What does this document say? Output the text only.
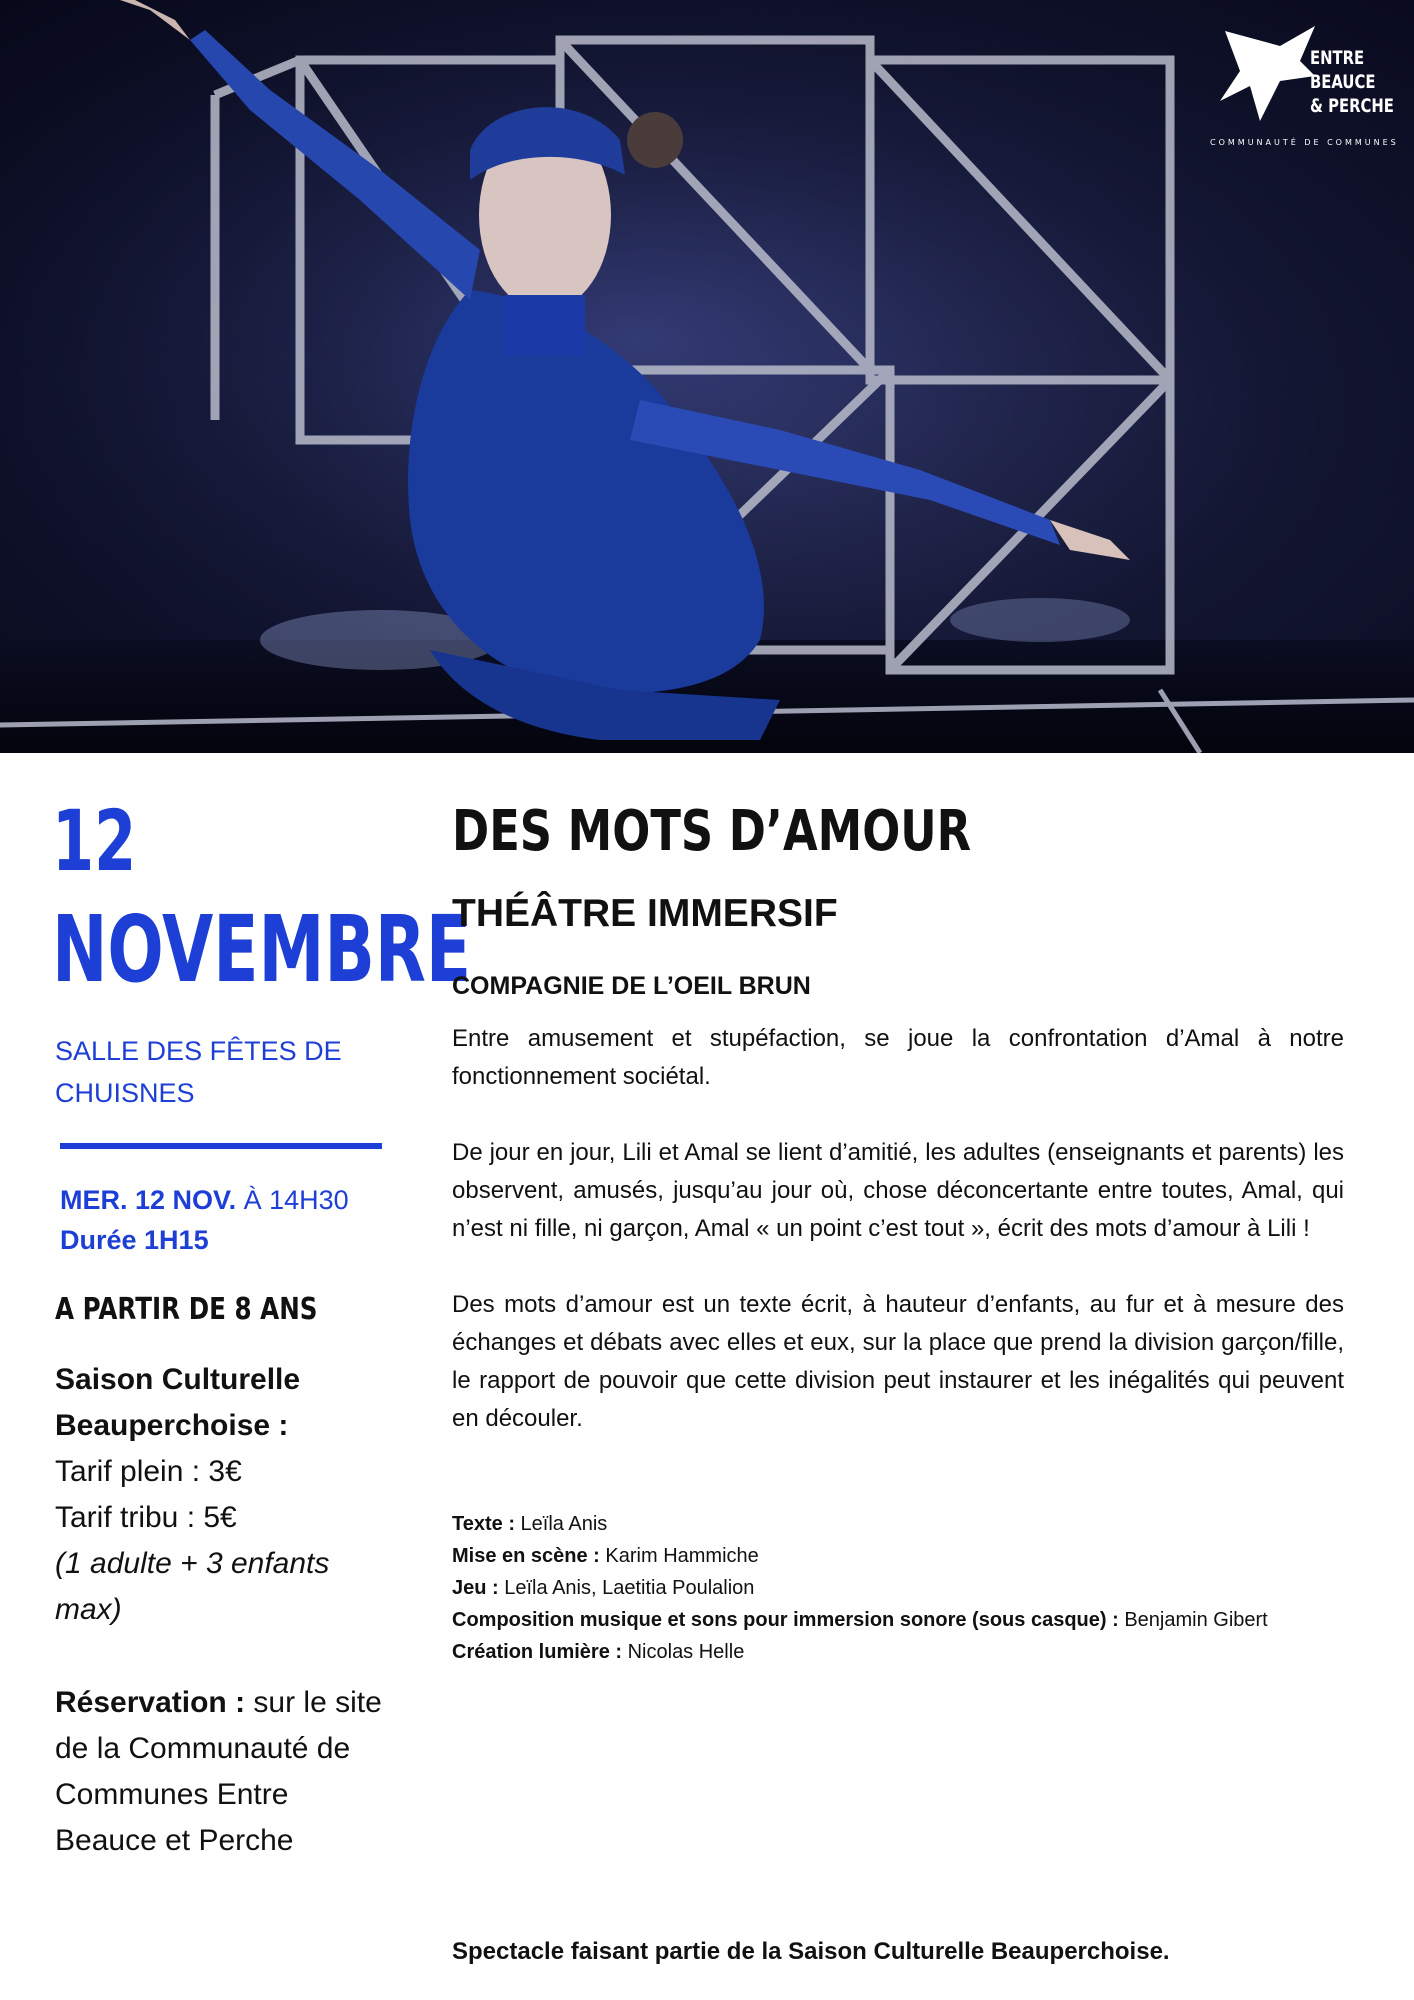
ENTRE
BEAUCE
& PERCHE
COMMUNAUTÉ DE COMMUNES
12
NOVEMBRE
SALLE DES FÊTES DE CHUISNES
MER. 12 NOV. À 14H30
Durée 1H15
A PARTIR DE 8 ANS
Saison Culturelle Beauperchoise :
Tarif plein : 3€
Tarif tribu : 5€
(1 adulte + 3 enfants max)
Réservation : sur le site de la Communauté de Communes Entre Beauce et Perche
DES MOTS D’AMOUR
THÉÂTRE IMMERSIF
COMPAGNIE DE L’OEIL BRUN

Entre amusement et stupéfaction, se joue la confrontation d’Amal à notre fonctionnement sociétal.

De jour en jour, Lili et Amal se lient d’amitié, les adultes (enseignants et parents) les observent, amusés, jusqu’au jour où, chose déconcertante entre toutes, Amal, qui n’est ni fille, ni garçon, Amal « un point c’est tout », écrit des mots d’amour à Lili !

Des mots d’amour est un texte écrit, à hauteur d’enfants, au fur et à mesure des échanges et débats avec elles et eux, sur la place que prend la division garçon/fille, le rapport de pouvoir que cette division peut instaurer et les inégalités qui peuvent en découler.

Texte : Leïla Anis
Mise en scène : Karim Hammiche
Jeu : Leïla Anis, Laetitia Poulalion
Composition musique et sons pour immersion sonore (sous casque) : Benjamin Gibert
Création lumière : Nicolas Helle
Spectacle faisant partie de la Saison Culturelle Beauperchoise.
